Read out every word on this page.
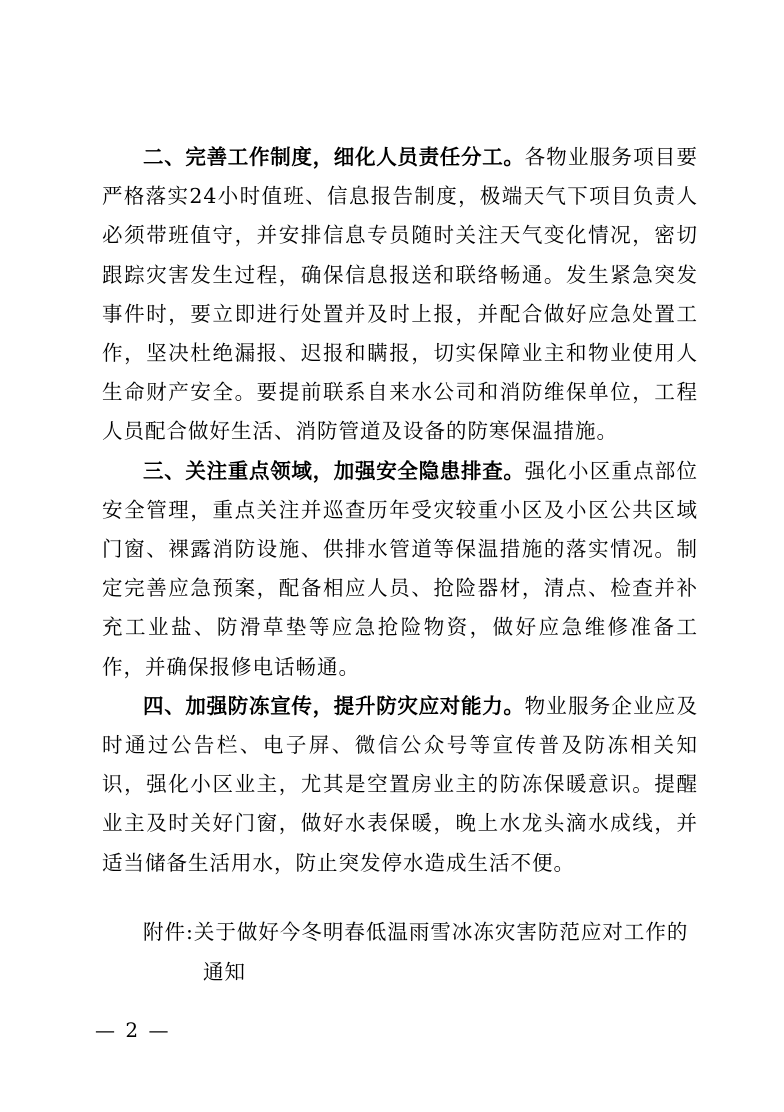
二、完善工作制度，细化人员责任分工。各物业服务项目要严格落实24小时值班、信息报告制度，极端天气下项目负责人必须带班值守，并安排信息专员随时关注天气变化情况，密切跟踪灾害发生过程，确保信息报送和联络畅通。发生紧急突发事件时，要立即进行处置并及时上报，并配合做好应急处置工作，坚决杜绝漏报、迟报和瞒报，切实保障业主和物业使用人生命财产安全。要提前联系自来水公司和消防维保单位，工程人员配合做好生活、消防管道及设备的防寒保温措施。

三、关注重点领域，加强安全隐患排查。强化小区重点部位安全管理，重点关注并巡查历年受灾较重小区及小区公共区域门窗、裸露消防设施、供排水管道等保温措施的落实情况。制定完善应急预案，配备相应人员、抢险器材，清点、检查并补充工业盐、防滑草垫等应急抢险物资，做好应急维修准备工作，并确保报修电话畅通。

四、加强防冻宣传，提升防灾应对能力。物业服务企业应及时通过公告栏、电子屏、微信公众号等宣传普及防冻相关知识，强化小区业主，尤其是空置房业主的防冻保暖意识。提醒业主及时关好门窗，做好水表保暖，晚上水龙头滴水成线，并适当储备生活用水，防止突发停水造成生活不便。

附件:关于做好今冬明春低温雨雪冰冻灾害防范应对工作的
通知
— 2 —
